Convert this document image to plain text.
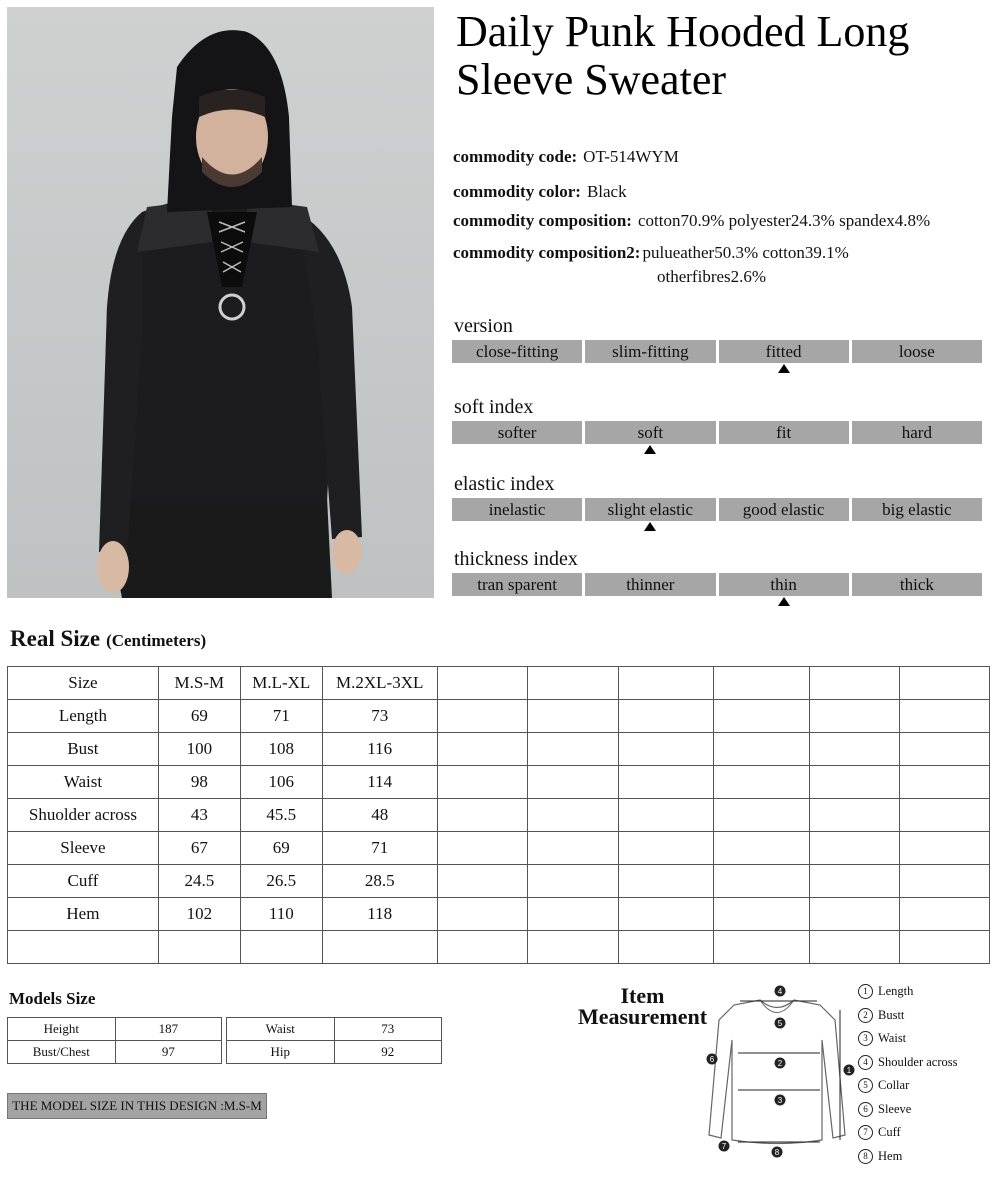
Daily Punk Hooded Long Sleeve Sweater
commodity code: OT-514WYM
commodity color: Black
commodity composition: cotton70.9% polyester24.3% spandex4.8%
commodity composition2: pulueather50.3% cotton39.1%
otherfibres2.6%
version
close-fitting	slim-fitting	fitted	loose
soft index
softer	soft	fit	hard
elastic index
inelastic	slight elastic	good elastic	big elastic
thickness index
tran sparent	thinner	thin	thick
Real Size (Centimeters)
Size	M.S-M	M.L-XL	M.2XL-3XL						
Length	69	71	73						
Bust	100	108	116						
Waist	98	106	114						
Shuolder across	43	45.5	48						
Sleeve	67	69	71						
Cuff	24.5	26.5	28.5						
Hem	102	110	118						

Models Size
Height	187
Bust/Chest	97
Waist	73
Hip	92
THE MODEL SIZE IN THIS DESIGN :M.S-M
Item
Measurement
4
5
2
3
1
6
7
8
1 Length
2 Bustt
3 Waist
4 Shoulder across
5 Collar
6 Sleeve
7 Cuff
8 Hem
